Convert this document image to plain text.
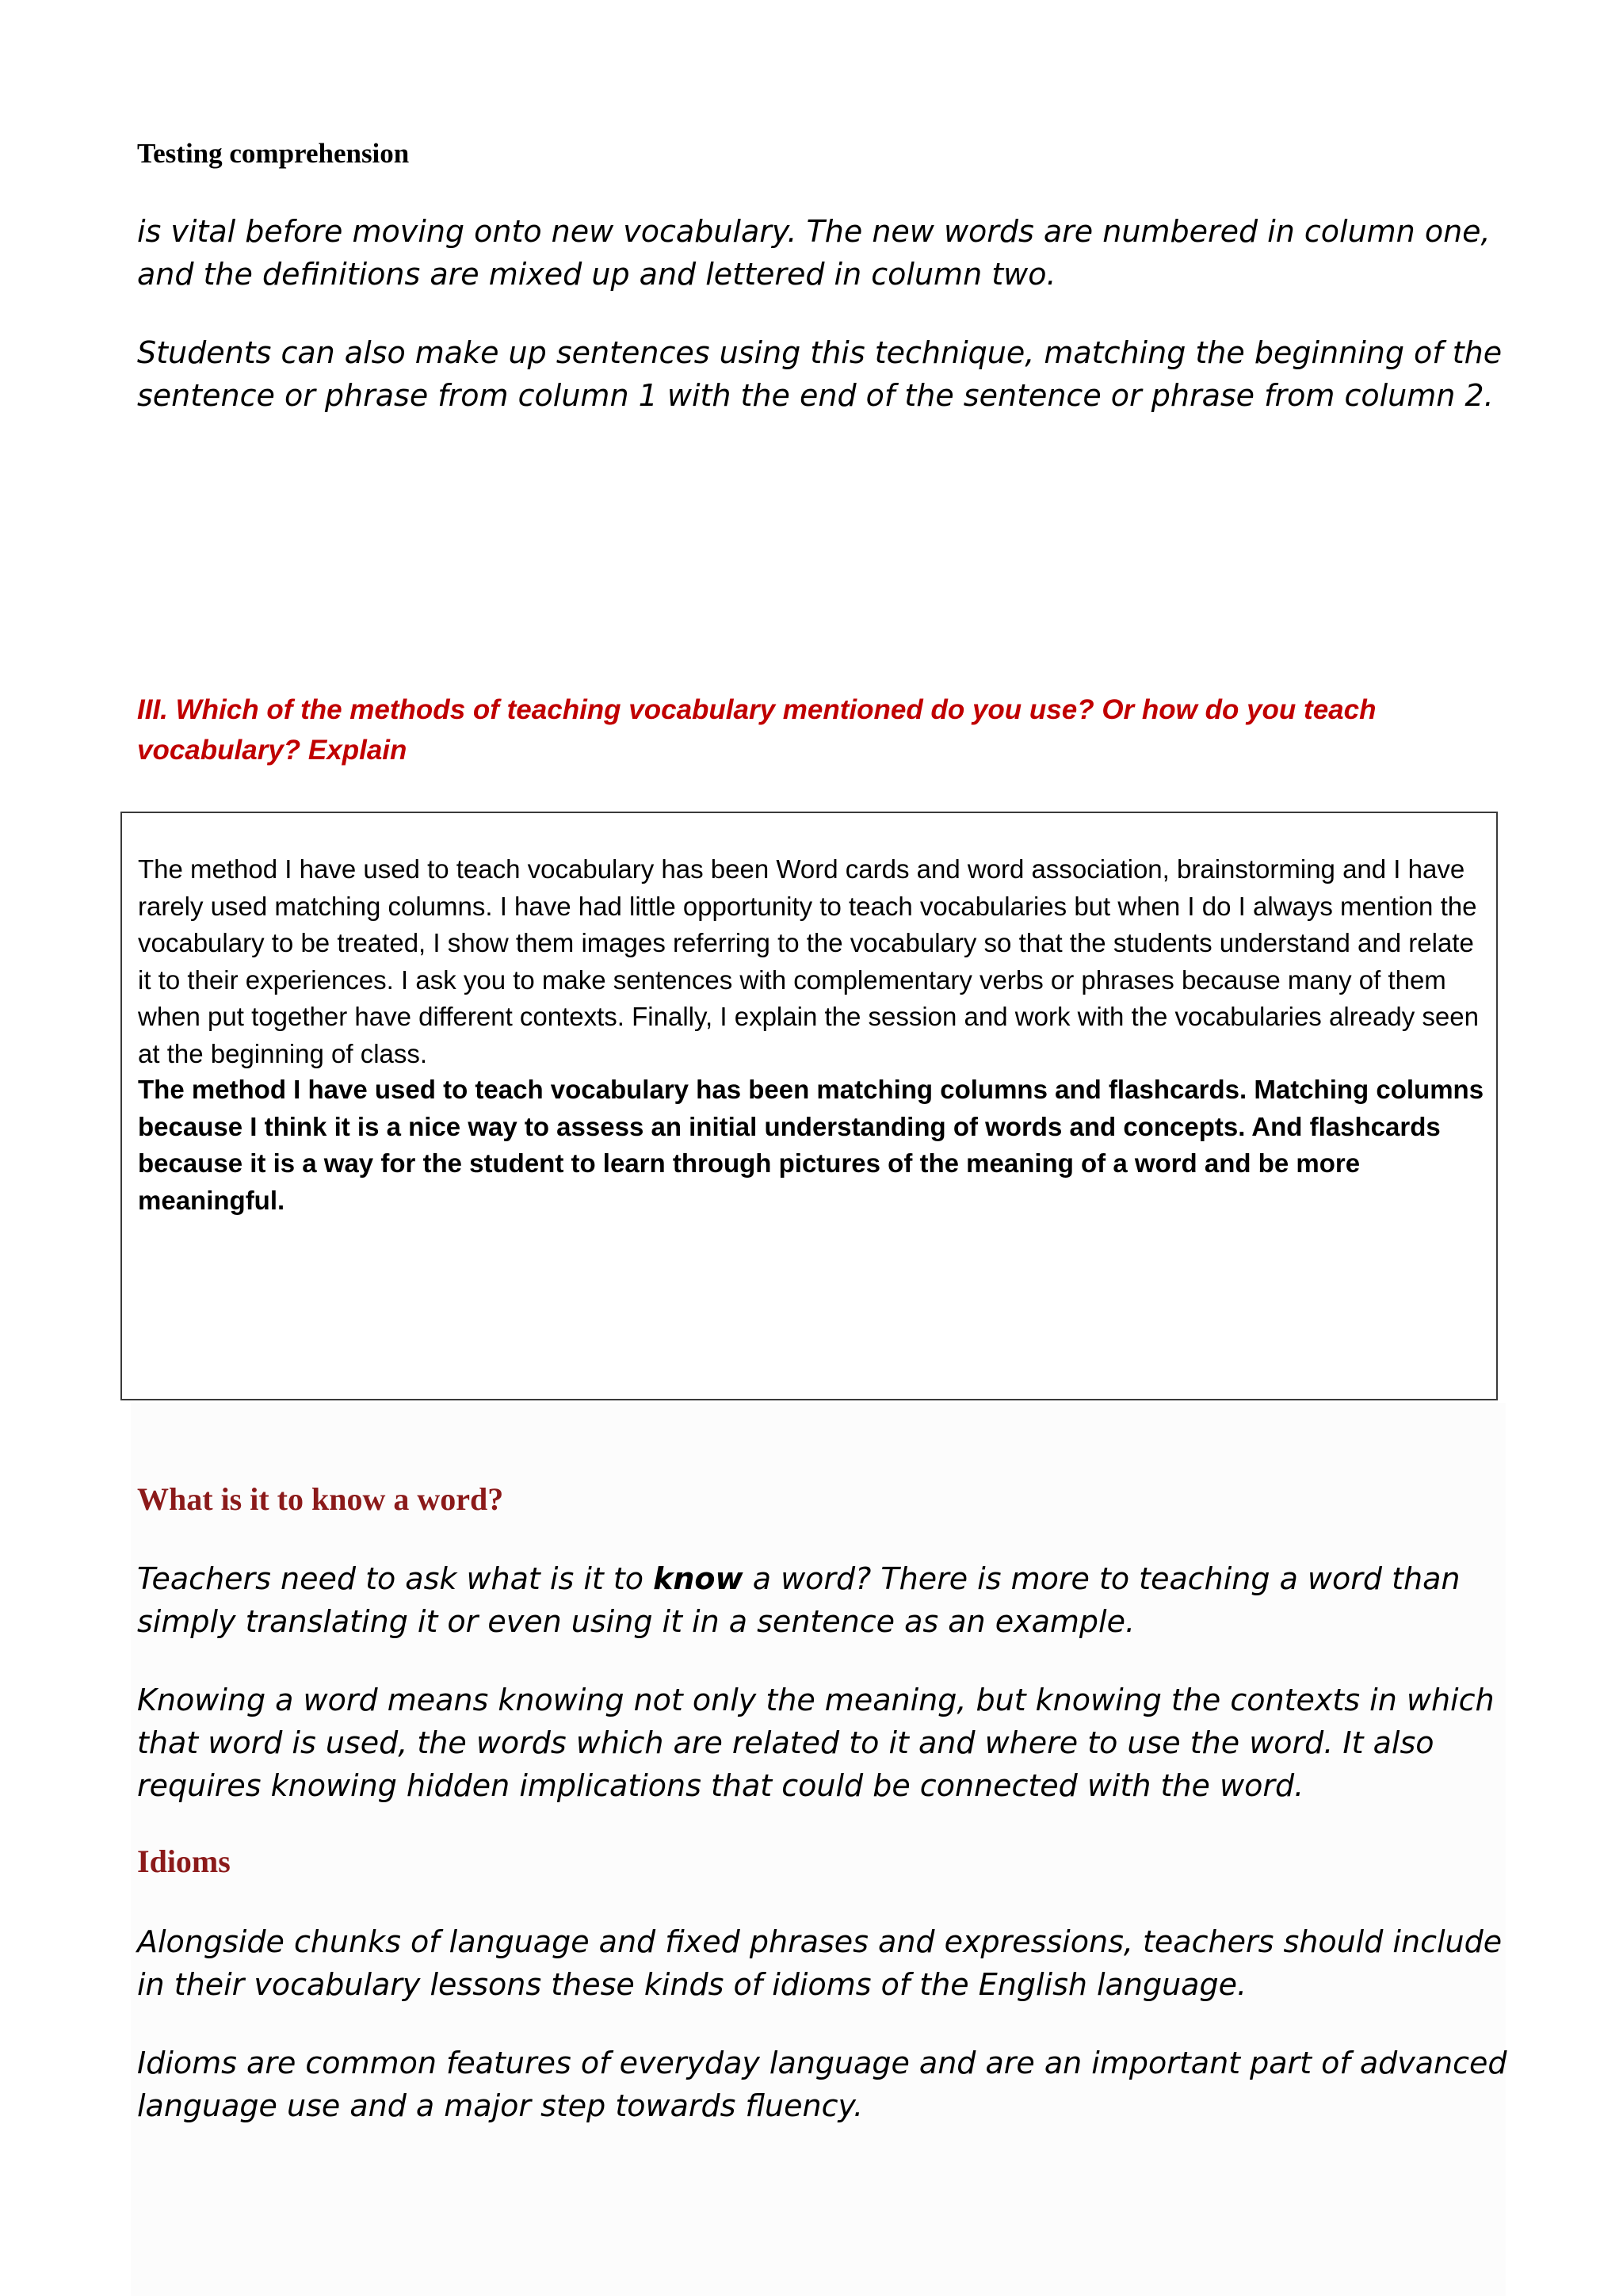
Testing comprehension

is vital before moving onto new vocabulary. The new words are numbered in column one, and the definitions are mixed up and lettered in column two.

Students can also make up sentences using this technique, matching the beginning of the sentence or phrase from column 1 with the end of the sentence or phrase from column 2.

III. Which of the methods of teaching vocabulary mentioned do you use? Or how do you teach vocabulary? Explain

The method I have used to teach vocabulary has been Word cards and word association, brainstorming and I have rarely used matching columns. I have had little opportunity to teach vocabularies but when I do I always mention the vocabulary to be treated, I show them images referring to the vocabulary so that the students understand and relate it to their experiences. I ask you to make sentences with complementary verbs or phrases because many of them when put together have different contexts. Finally, I explain the session and work with the vocabularies already seen at the beginning of class.

The method I have used to teach vocabulary has been matching columns and flashcards. Matching columns because I think it is a nice way to assess an initial understanding of words and concepts. And flashcards because it is a way for the student to learn through pictures of the meaning of a word and be more meaningful.

What is it to know a word?

Teachers need to ask what is it to know a word? There is more to teaching a word than simply translating it or even using it in a sentence as an example.

Knowing a word means knowing not only the meaning, but knowing the contexts in which that word is used, the words which are related to it and where to use the word. It also requires knowing hidden implications that could be connected with the word.

Idioms

Alongside chunks of language and fixed phrases and expressions, teachers should include in their vocabulary lessons these kinds of idioms of the English language.

Idioms are common features of everyday language and are an important part of advanced language use and a major step towards fluency.
